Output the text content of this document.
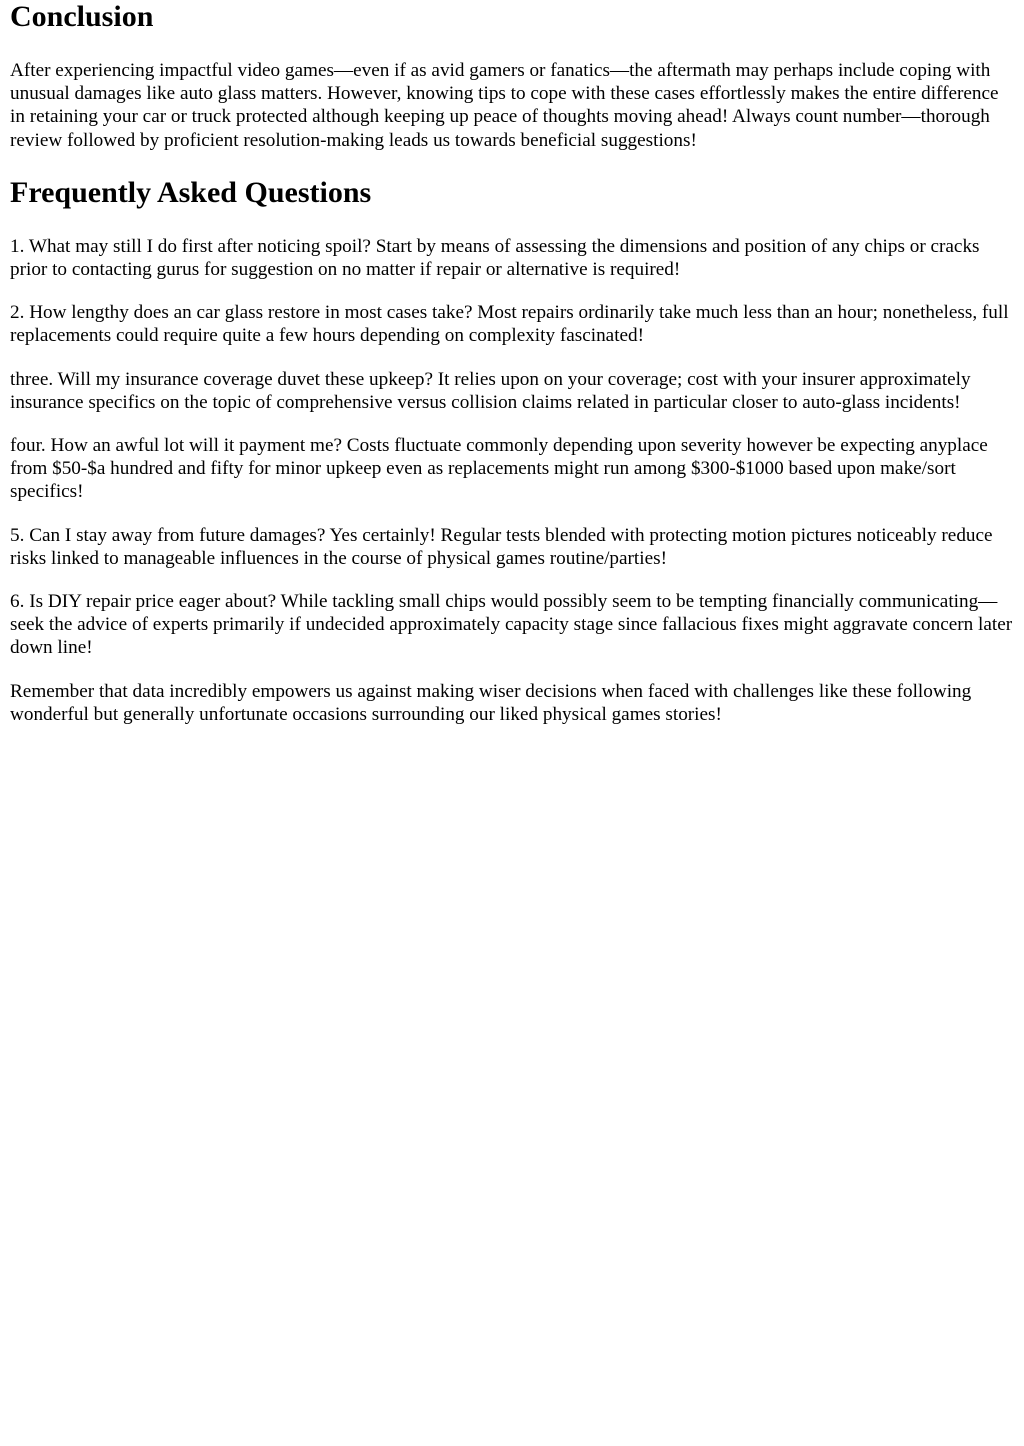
Conclusion

After experiencing impactful video games—even if as avid gamers or fanatics—the aftermath may perhaps include coping with unusual damages like auto glass matters. However, knowing tips to cope with these cases effortlessly makes the entire difference in retaining your car or truck protected although keeping up peace of thoughts moving ahead! Always count number—thorough review followed by proficient resolution-making leads us towards beneficial suggestions!

Frequently Asked Questions

1. What may still I do first after noticing spoil? Start by means of assessing the dimensions and position of any chips or cracks prior to contacting gurus for suggestion on no matter if repair or alternative is required!

2. How lengthy does an car glass restore in most cases take? Most repairs ordinarily take much less than an hour; nonetheless, full replacements could require quite a few hours depending on complexity fascinated!

three. Will my insurance coverage duvet these upkeep? It relies upon on your coverage; cost with your insurer approximately insurance specifics on the topic of comprehensive versus collision claims related in particular closer to auto-glass incidents!

four. How an awful lot will it payment me? Costs fluctuate commonly depending upon severity however be expecting anyplace from $50-$a hundred and fifty for minor upkeep even as replacements might run among $300-$1000 based upon make/sort specifics!

5. Can I stay away from future damages? Yes certainly! Regular tests blended with protecting motion pictures noticeably reduce risks linked to manageable influences in the course of physical games routine/parties!

6. Is DIY repair price eager about? While tackling small chips would possibly seem to be tempting financially communicating—seek the advice of experts primarily if undecided approximately capacity stage since fallacious fixes might aggravate concern later down line!

Remember that data incredibly empowers us against making wiser decisions when faced with challenges like these following wonderful but generally unfortunate occasions surrounding our liked physical games stories!
